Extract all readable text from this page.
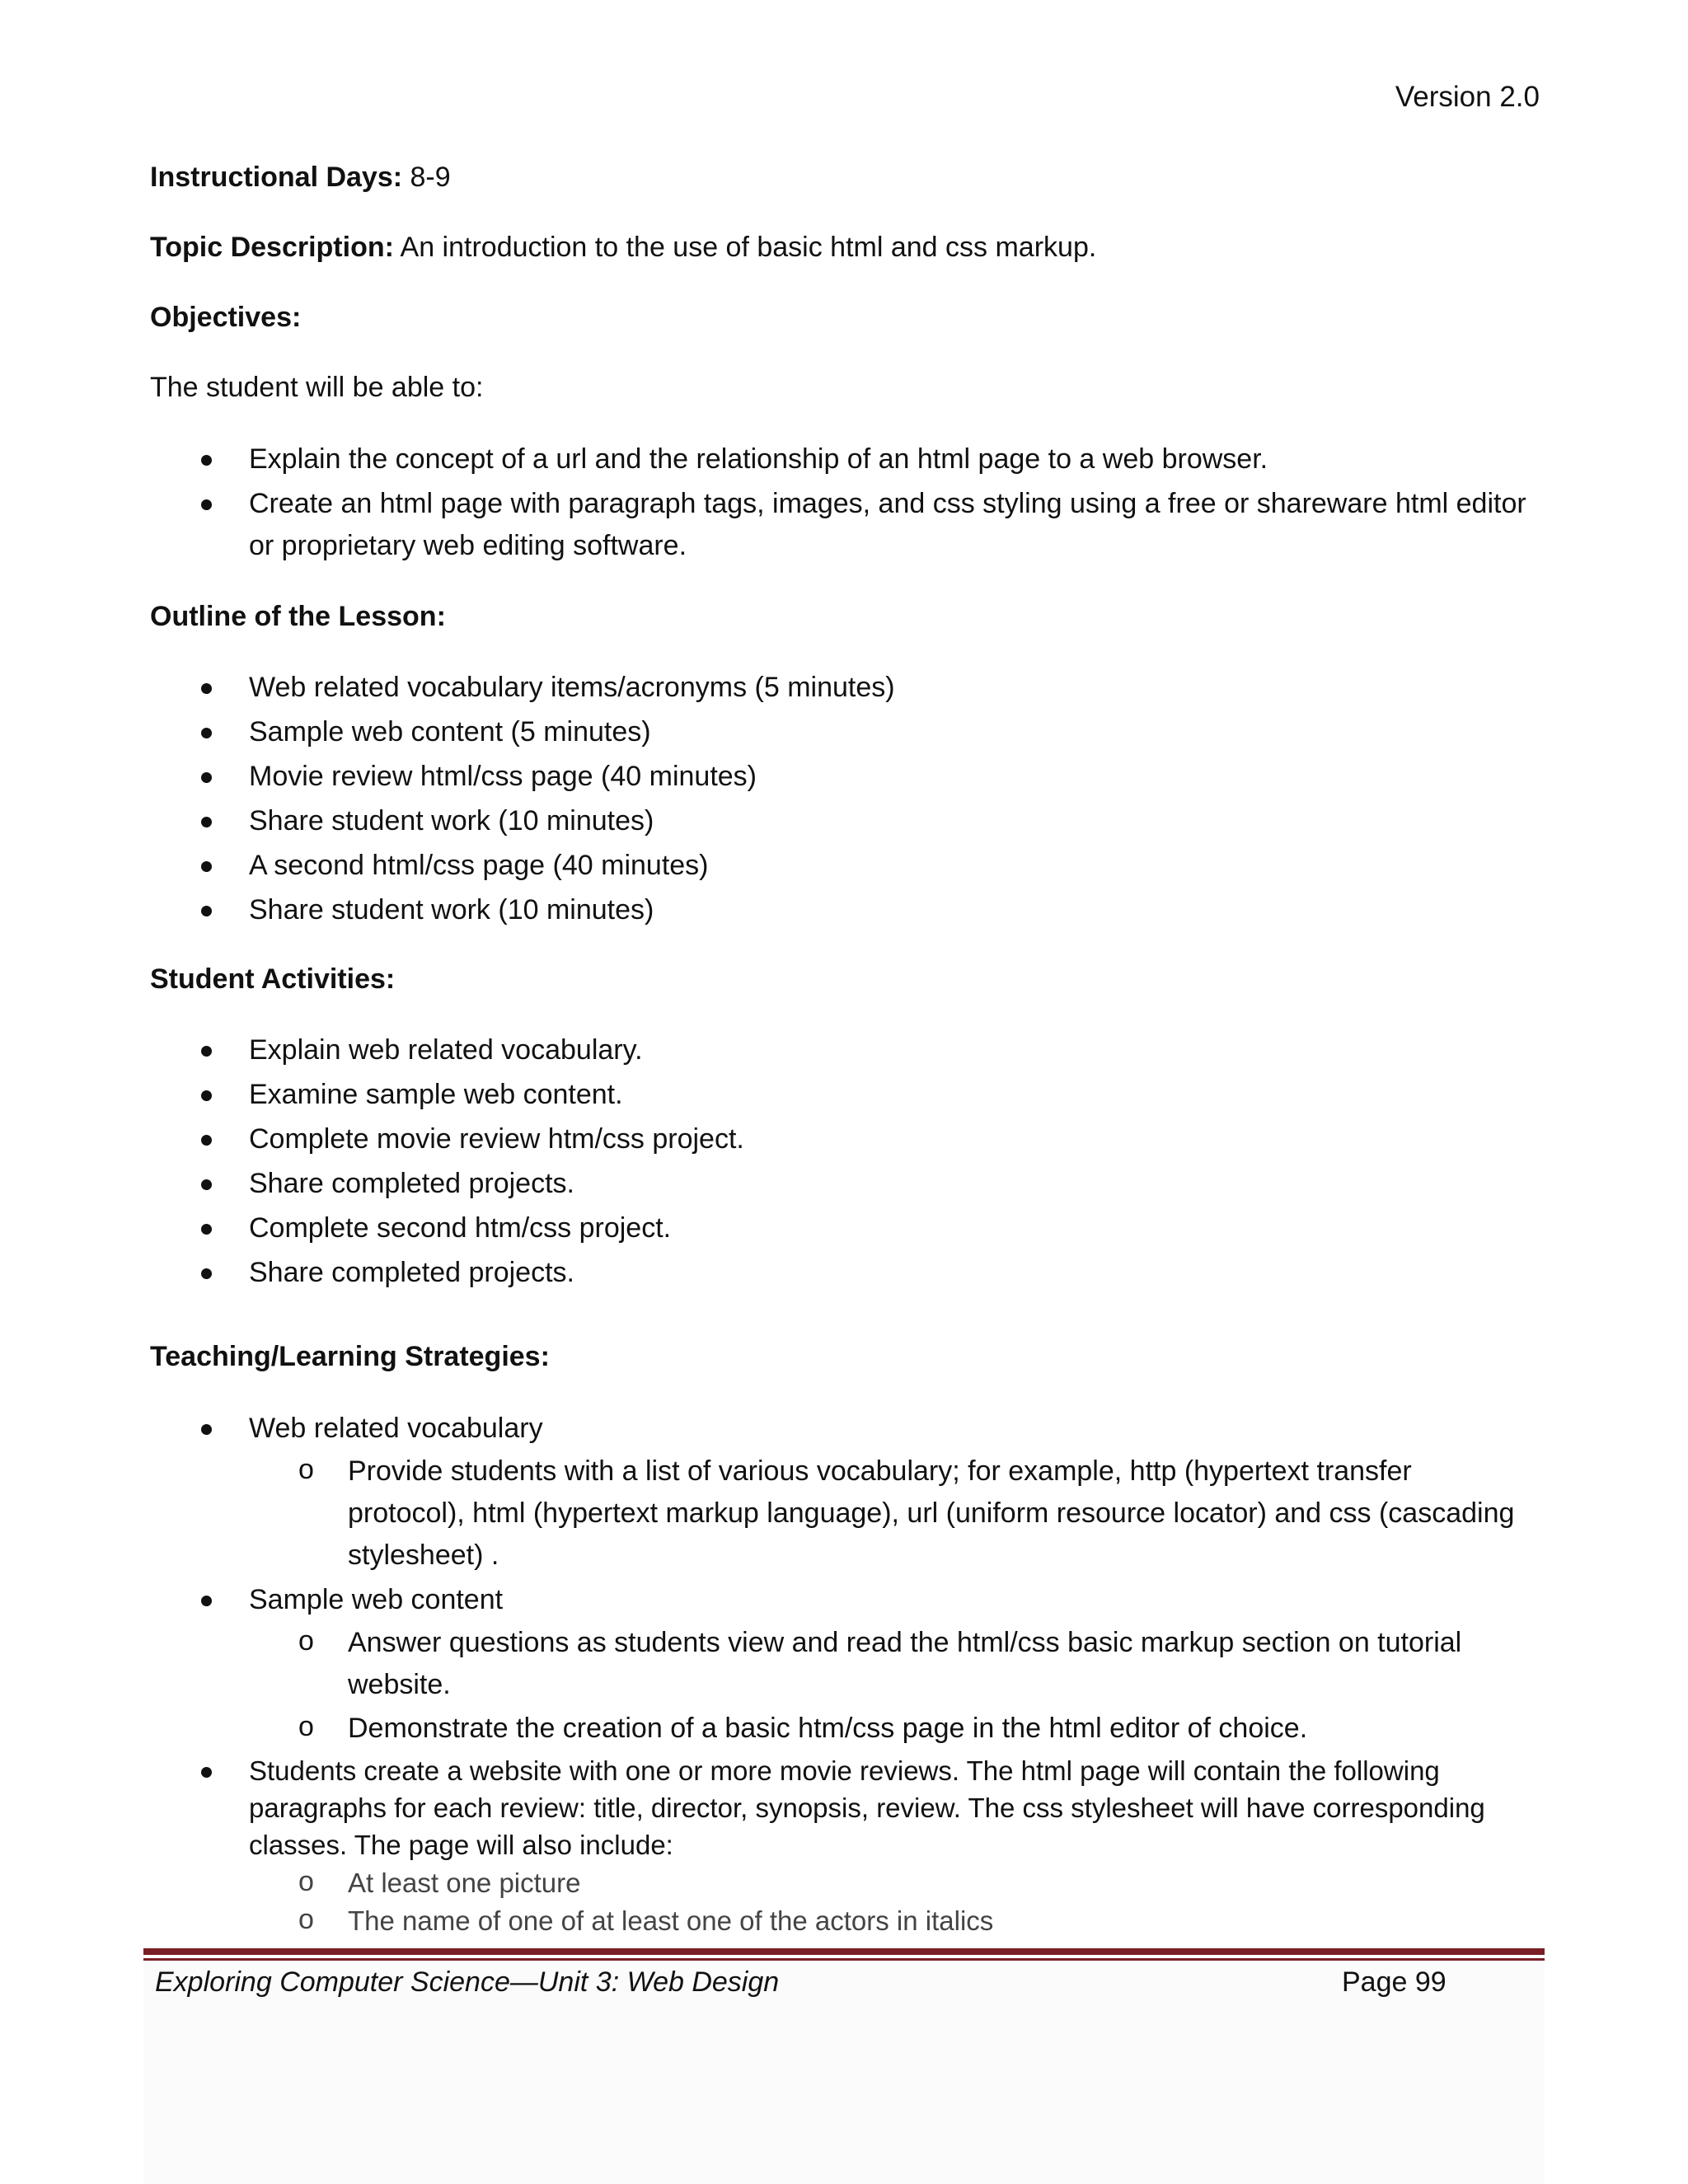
Version 2.0
Instructional Days: 8-9
Topic Description: An introduction to the use of basic html and css markup.
Objectives:
The student will be able to:
Explain the concept of a url and the relationship of an html page to a web browser.
Create an html page with paragraph tags, images, and css styling using a free or shareware html editor
or proprietary web editing software.
Outline of the Lesson:
Web related vocabulary items/acronyms (5 minutes)
Sample web content (5 minutes)
Movie review html/css page (40 minutes)
Share student work (10 minutes)
A second html/css page (40 minutes)
Share student work (10 minutes)
Student Activities:
Explain web related vocabulary.
Examine sample web content.
Complete movie review htm/css project.
Share completed projects.
Complete second htm/css project.
Share completed projects.
Teaching/Learning Strategies:
Web related vocabulary
o Provide students with a list of various vocabulary; for example, http (hypertext transfer
protocol), html (hypertext markup language), url (uniform resource locator) and css (cascading
stylesheet) .
Sample web content
o Answer questions as students view and read the html/css basic markup section on tutorial
website.
o Demonstrate the creation of a basic htm/css page in the html editor of choice.
Students create a website with one or more movie reviews. The html page will contain the following
paragraphs for each review: title, director, synopsis, review. The css stylesheet will have corresponding
classes. The page will also include:
o At least one picture
o The name of one of at least one of the actors in italics
Exploring Computer Science—Unit 3: Web Design	Page 99
